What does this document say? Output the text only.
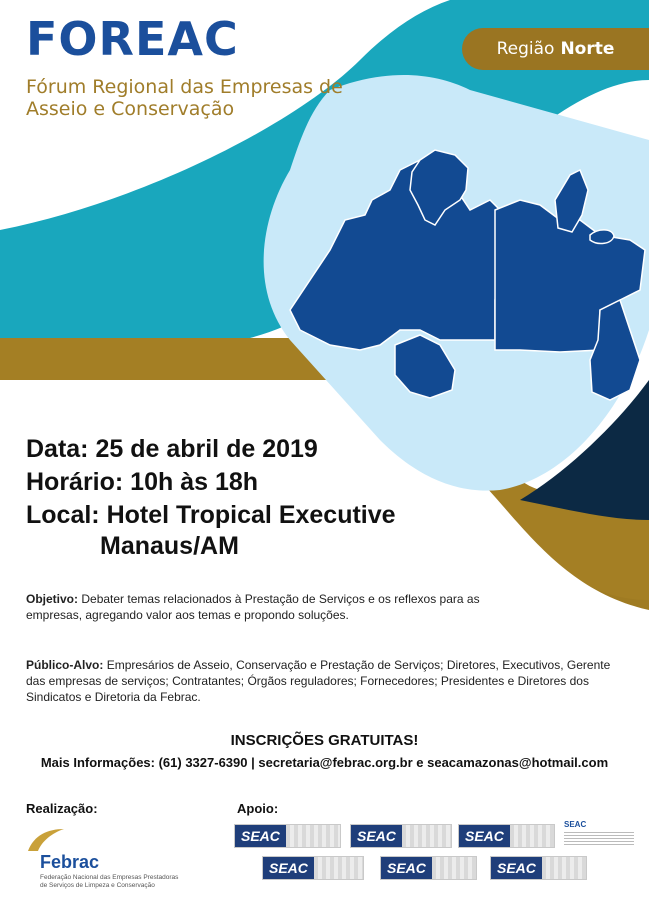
FOREAC
Fórum Regional das Empresas de Asseio e Conservação
Região Norte
Data: 25 de abril de 2019
Horário: 10h às 18h
Local: Hotel Tropical Executive
Manaus/AM
Objetivo: Debater temas relacionados à Prestação de Serviços e os reflexos para as empresas, agregando valor aos temas e propondo soluções.
Público-Alvo: Empresários de Asseio, Conservação e Prestação de Serviços; Diretores, Executivos, Gerente das empresas de serviços; Contratantes; Órgãos reguladores; Fornecedores; Presidentes e Diretores dos Sindicatos e Diretoria da Febrac.
INSCRIÇÕES GRATUITAS!
Mais Informações: (61) 3327-6390 | secretaria@febrac.org.br e seacamazonas@hotmail.com
Realização:	Apoio:
Febrac
Federação Nacional das Empresas Prestadoras de Serviços de Limpeza e Conservação
SEAC	SEAC	SEAC
SEAC
SEAC	SEAC	SEAC
